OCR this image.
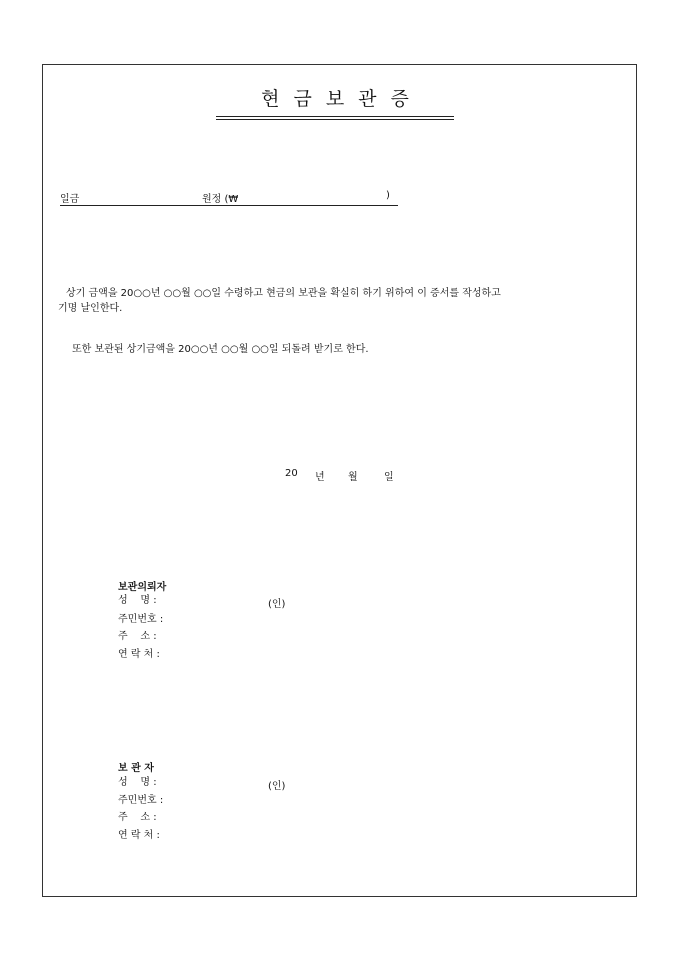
현금보관증
일금	원정 (₩	)
상기 금액을 20○○년 ○○월 ○○일 수령하고 현금의 보관을 확실히 하기 위하여 이 증서를 작성하고
기명 날인한다.
또한 보관된 상기금액을 20○○년 ○○월 ○○일 되돌려 받기로 한다.
20 년 월	일
보관의뢰자
성    명 :	(인)
주민번호 :
주    소 :
연 락 처 :
보 관 자
성    명 :	(인)
주민번호 :
주    소 :
연 락 처 :
